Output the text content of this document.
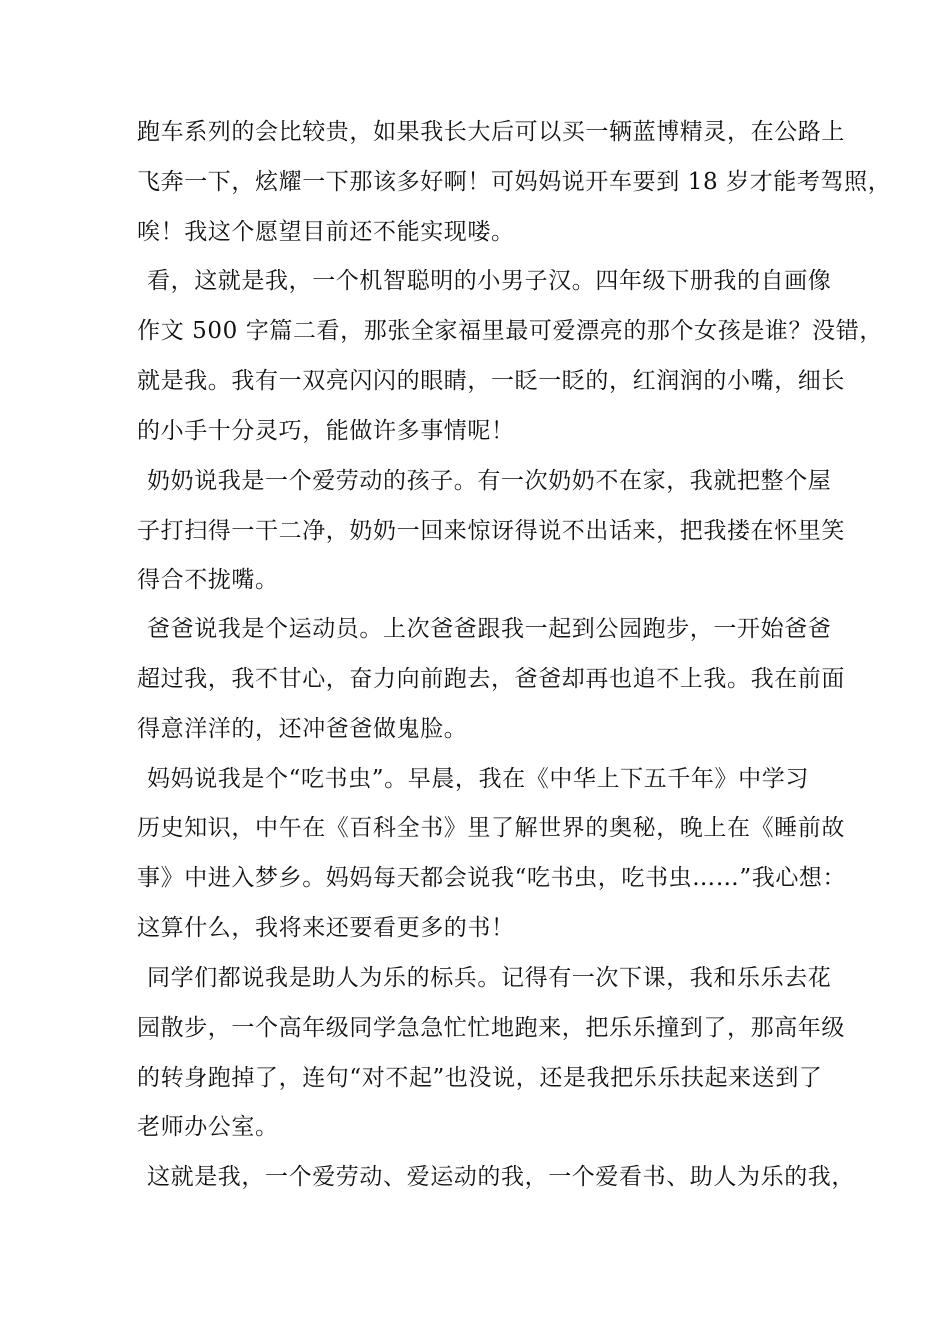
跑车系列的会比较贵，如果我长大后可以买一辆蓝博精灵，在公路上
飞奔一下，炫耀一下那该多好啊！可妈妈说开车要到 18 岁才能考驾照，
唉！我这个愿望目前还不能实现喽。
看，这就是我，一个机智聪明的小男子汉。四年级下册我的自画像
作文 500 字篇二看，那张全家福里最可爱漂亮的那个女孩是谁？没错，
就是我。我有一双亮闪闪的眼睛，一眨一眨的，红润润的小嘴，细长
的小手十分灵巧，能做许多事情呢！
奶奶说我是一个爱劳动的孩子。有一次奶奶不在家，我就把整个屋
子打扫得一干二净，奶奶一回来惊讶得说不出话来，把我搂在怀里笑
得合不拢嘴。
爸爸说我是个运动员。上次爸爸跟我一起到公园跑步，一开始爸爸
超过我，我不甘心，奋力向前跑去，爸爸却再也追不上我。我在前面
得意洋洋的，还冲爸爸做鬼脸。
妈妈说我是个“吃书虫”。早晨，我在《中华上下五千年》中学习
历史知识，中午在《百科全书》里了解世界的奥秘，晚上在《睡前故
事》中进入梦乡。妈妈每天都会说我“吃书虫，吃书虫……”我心想：
这算什么，我将来还要看更多的书！
同学们都说我是助人为乐的标兵。记得有一次下课，我和乐乐去花
园散步，一个高年级同学急急忙忙地跑来，把乐乐撞到了，那高年级
的转身跑掉了，连句“对不起”也没说，还是我把乐乐扶起来送到了
老师办公室。
这就是我，一个爱劳动、爱运动的我，一个爱看书、助人为乐的我，
